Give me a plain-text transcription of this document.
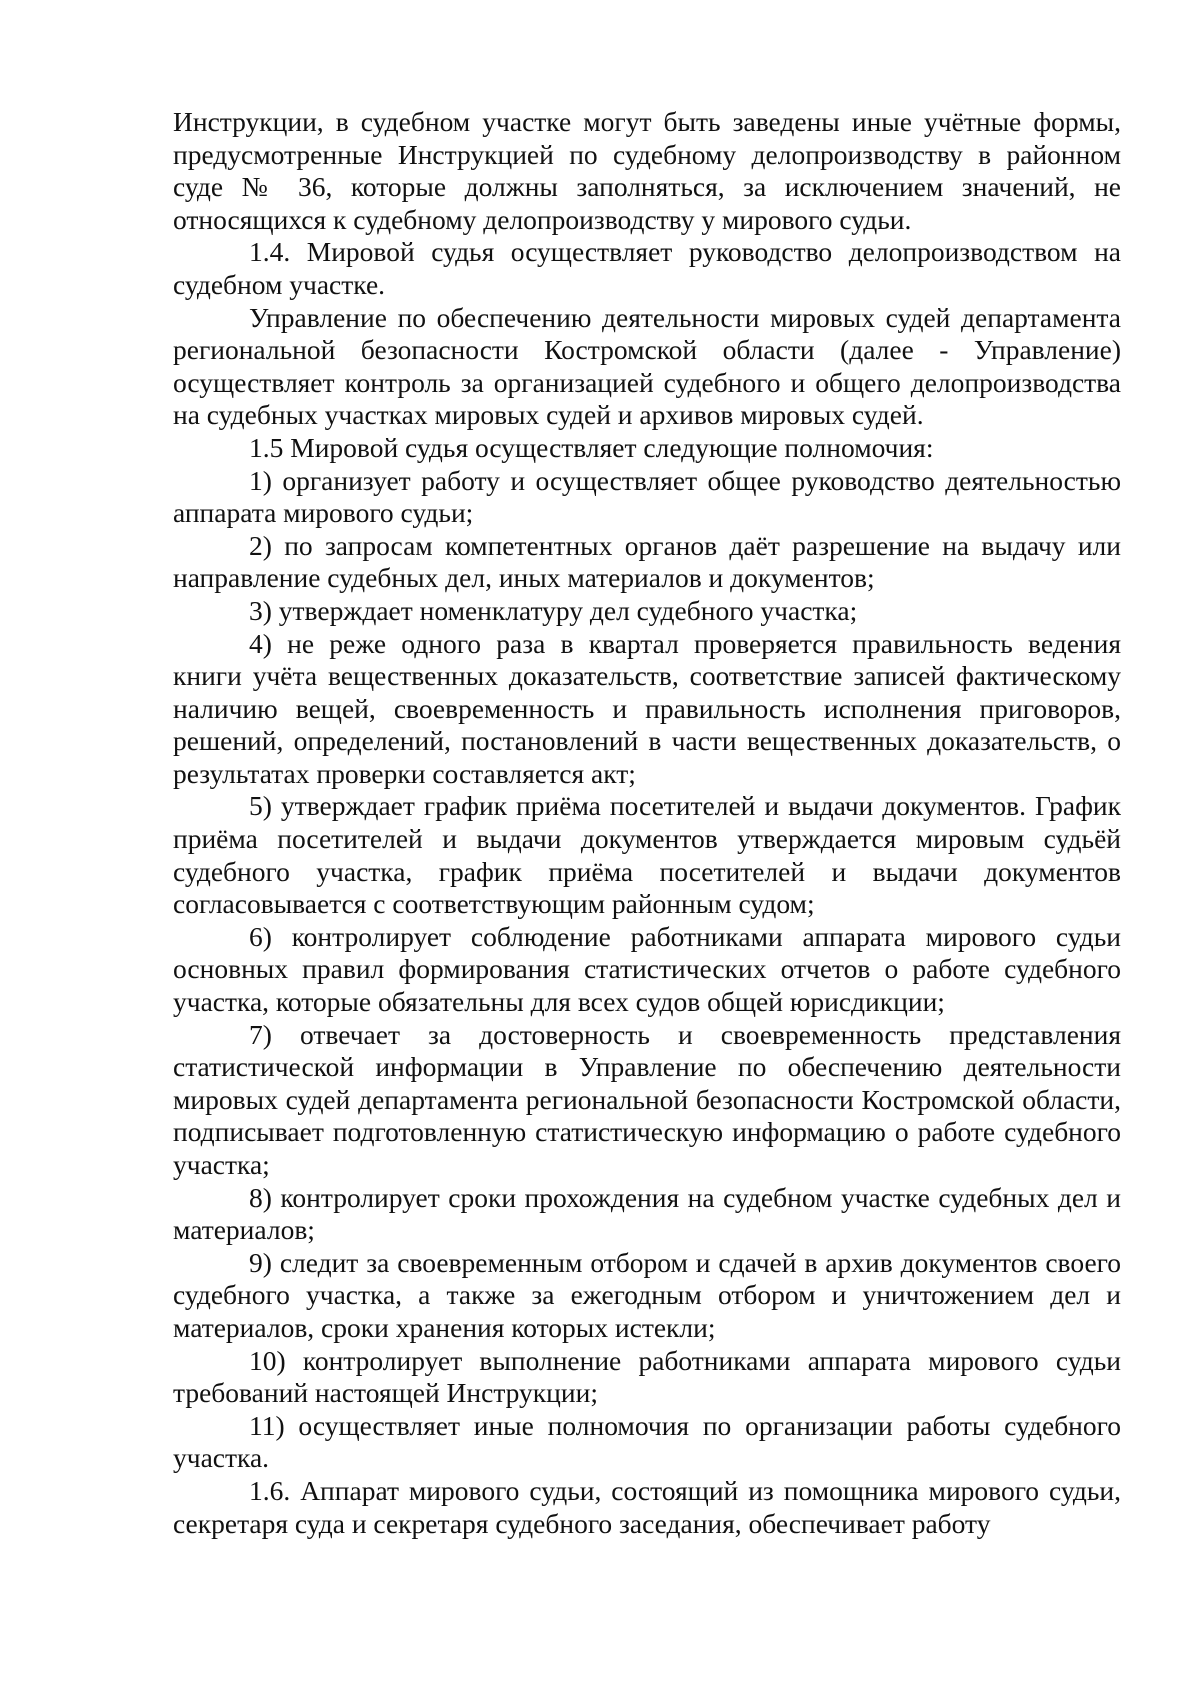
Инструкции, в судебном участке могут быть заведены иные учётные формы, предусмотренные Инструкцией по судебному делопроизводству в районном суде № 36, которые должны заполняться, за исключением значений, не относящихся к судебному делопроизводству у мирового судьи.

1.4. Мировой судья осуществляет руководство делопроизводством на судебном участке.

Управление по обеспечению деятельности мировых судей департамента региональной безопасности Костромской области (далее - Управление) осуществляет контроль за организацией судебного и общего делопроизводства на судебных участках мировых судей и архивов мировых судей.

1.5 Мировой судья осуществляет следующие полномочия:

1) организует работу и осуществляет общее руководство деятельностью аппарата мирового судьи;

2) по запросам компетентных органов даёт разрешение на выдачу или направление судебных дел, иных материалов и документов;

3) утверждает номенклатуру дел судебного участка;

4) не реже одного раза в квартал проверяется правильность ведения книги учёта вещественных доказательств, соответствие записей фактическому наличию вещей, своевременность и правильность исполнения приговоров, решений, определений, постановлений в части вещественных доказательств, о результатах проверки составляется акт;

5) утверждает график приёма посетителей и выдачи документов. График приёма посетителей и выдачи документов утверждается мировым судьёй судебного участка, график приёма посетителей и выдачи документов согласовывается с соответствующим районным судом;

6) контролирует соблюдение работниками аппарата мирового судьи основных правил формирования статистических отчетов о работе судебного участка, которые обязательны для всех судов общей юрисдикции;

7) отвечает за достоверность и своевременность представления статистической информации в Управление по обеспечению деятельности мировых судей департамента региональной безопасности Костромской области, подписывает подготовленную статистическую информацию о работе судебного участка;

8) контролирует сроки прохождения на судебном участке судебных дел и материалов;

9) следит за своевременным отбором и сдачей в архив документов своего судебного участка, а также за ежегодным отбором и уничтожением дел и материалов, сроки хранения которых истекли;

10) контролирует выполнение работниками аппарата мирового судьи требований настоящей Инструкции;

11) осуществляет иные полномочия по организации работы судебного участка.

1.6. Аппарат мирового судьи, состоящий из помощника мирового судьи, секретаря суда и секретаря судебного заседания, обеспечивает работу
